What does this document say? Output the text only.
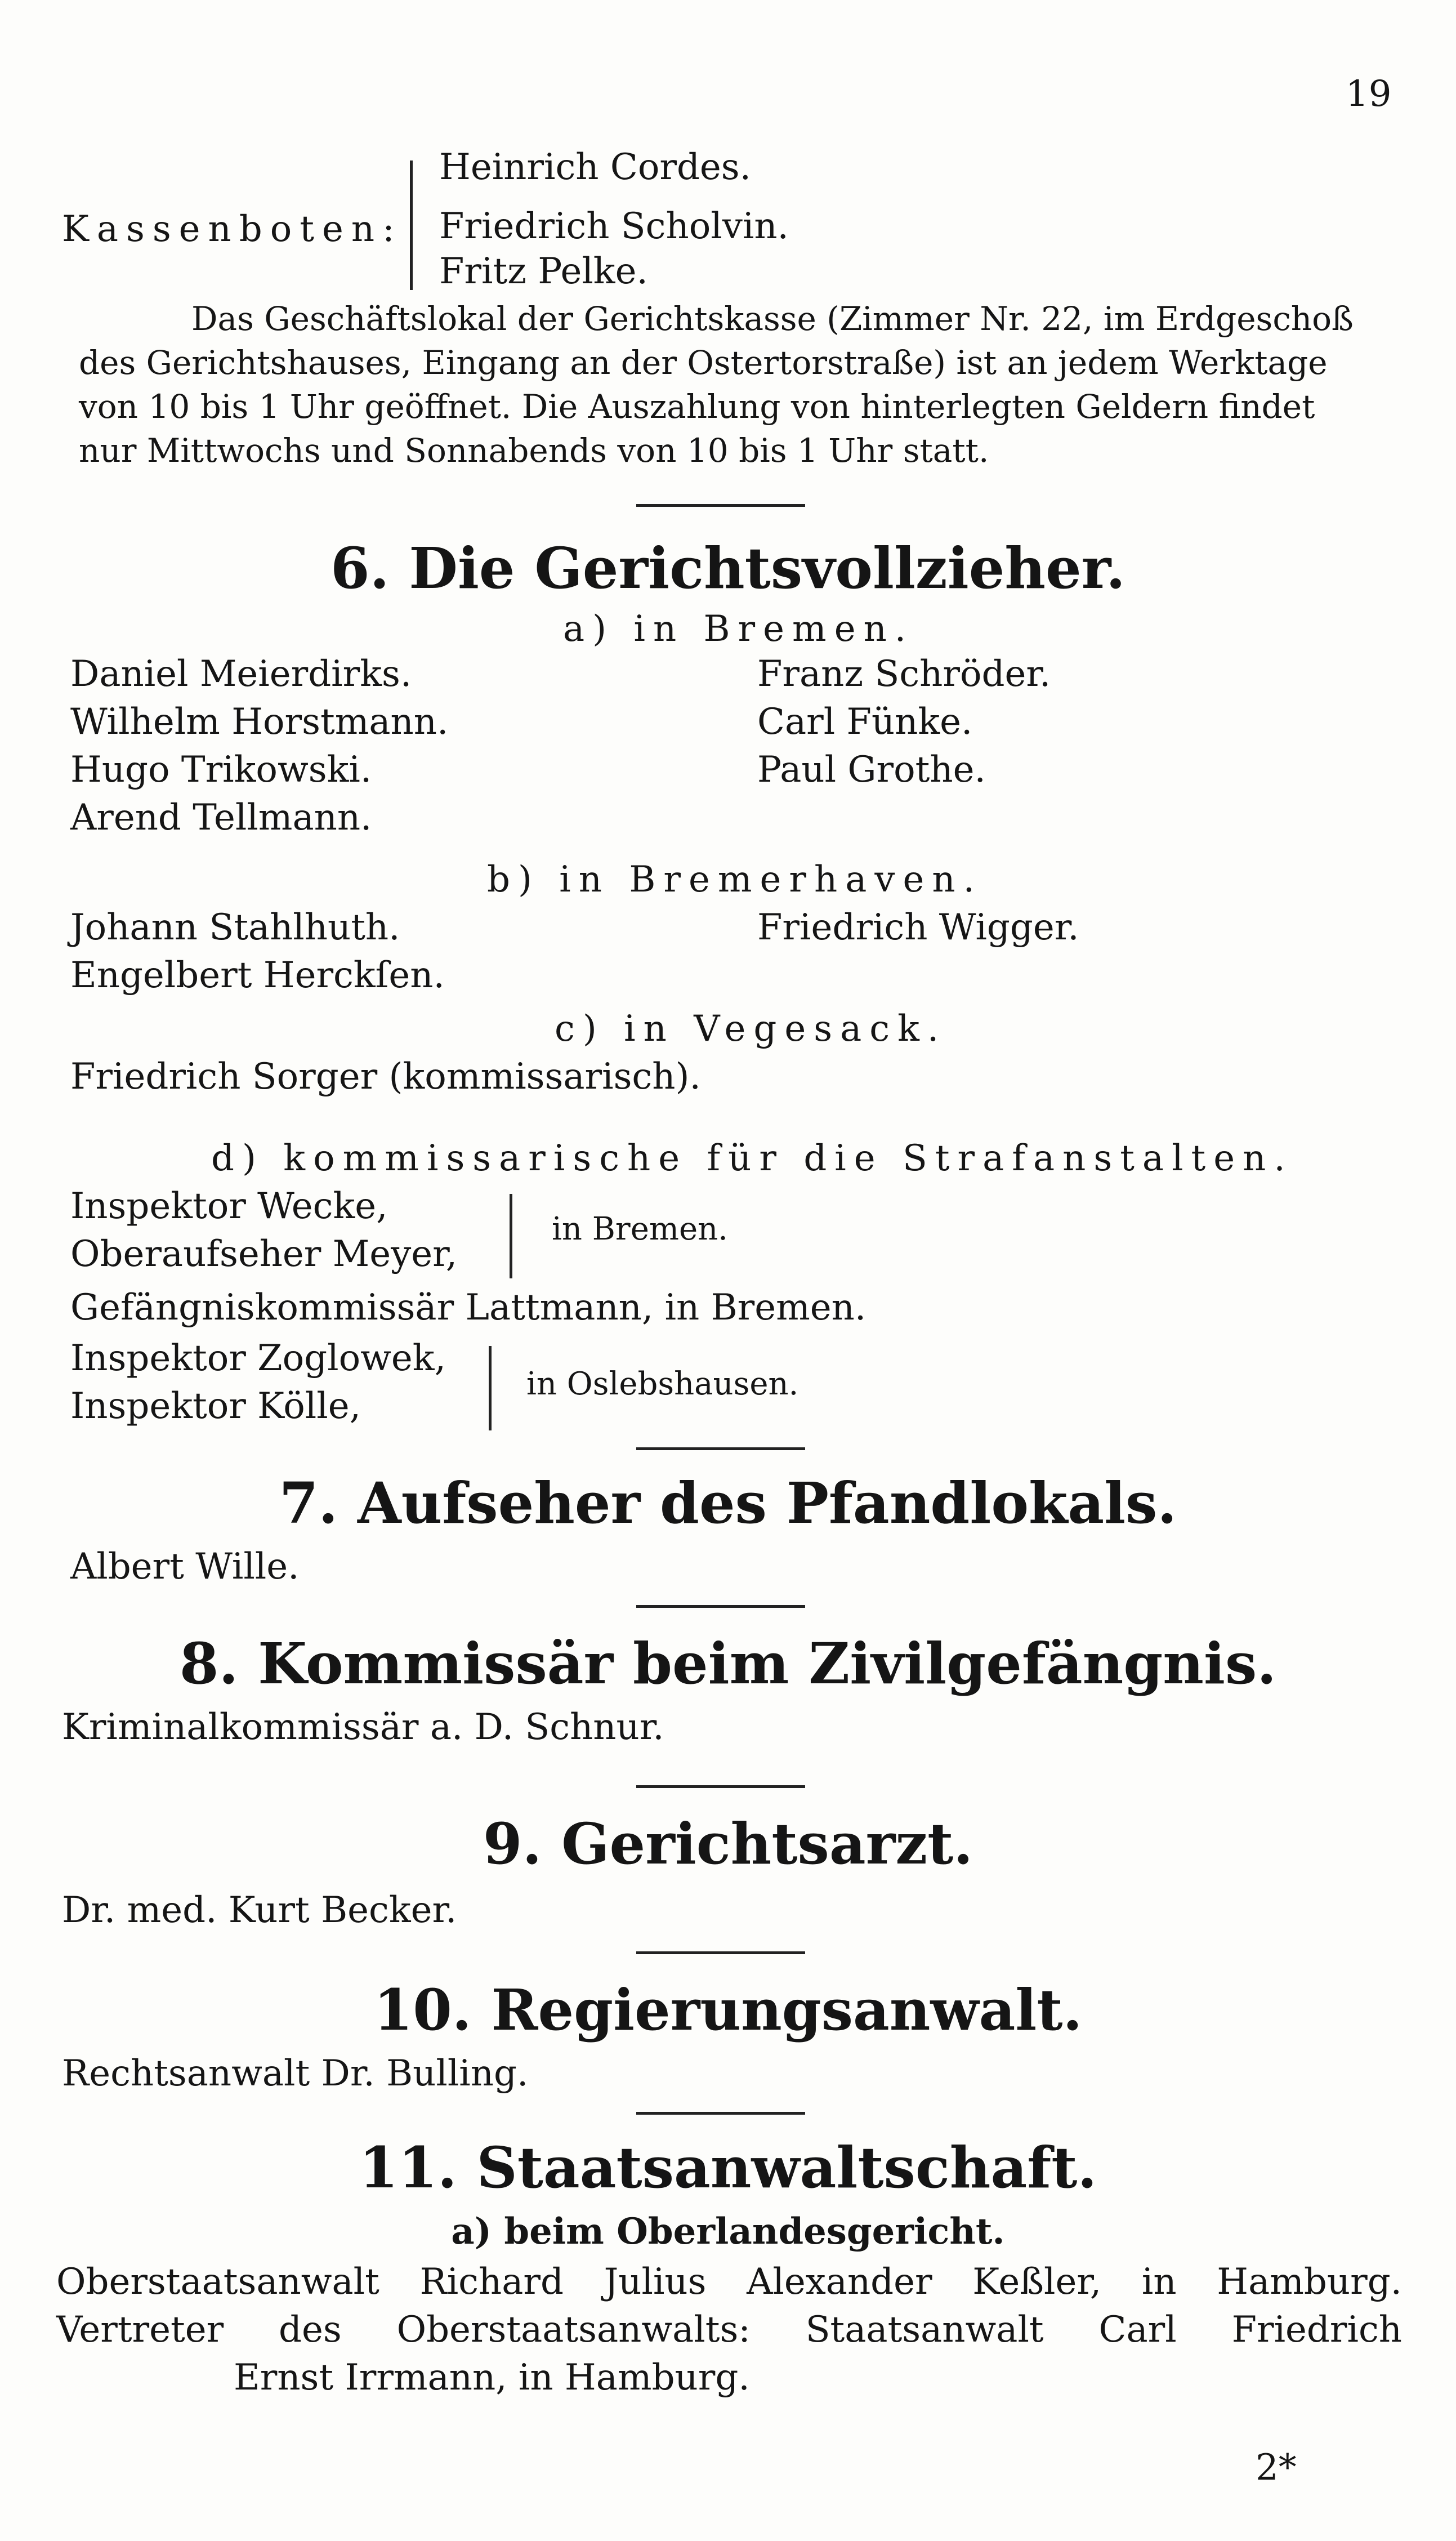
19
Kassenboten:
Heinrich Cordes.
Friedrich Scholvin.
Fritz Pelke.
Das Geschäftslokal der Gerichtskasse (Zimmer Nr. 22, im Erdgeschoß
des Gerichtshauses, Eingang an der Ostertorstraße) ist an jedem Werktage
von 10 bis 1 Uhr geöffnet. Die Auszahlung von hinterlegten Geldern findet
nur Mittwochs und Sonnabends von 10 bis 1 Uhr statt.
6. Die Gerichtsvollzieher.
a) in Bremen.
Daniel Meierdirks.
Wilhelm Horstmann.
Hugo Trikowski.
Arend Tellmann.
Franz Schröder.
Carl Fünke.
Paul Grothe.
b) in Bremerhaven.
Johann Stahlhuth.
Engelbert Herckſen.
Friedrich Wigger.
c) in Vegesack.
Friedrich Sorger (kommissarisch).
d) kommissarische für die Strafanstalten.
Inspektor Wecke,
Oberaufseher Meyer,
in Bremen.
Gefängniskommissär Lattmann, in Bremen.
Inspektor Zoglowek,
Inspektor Kölle,
in Oslebshausen.
7. Aufseher des Pfandlokals.
Albert Wille.
8. Kommissär beim Zivilgefängnis.
Kriminalkommissär a. D. Schnur.
9. Gerichtsarzt.
Dr. med. Kurt Becker.
10. Regierungsanwalt.
Rechtsanwalt Dr. Bulling.
11. Staatsanwaltschaft.
a) beim Oberlandesgericht.
Oberstaatsanwalt Richard Julius Alexander Keßler, in Hamburg.
Vertreter des Oberstaatsanwalts: Staatsanwalt Carl Friedrich
Ernst Irrmann, in Hamburg.
2*
